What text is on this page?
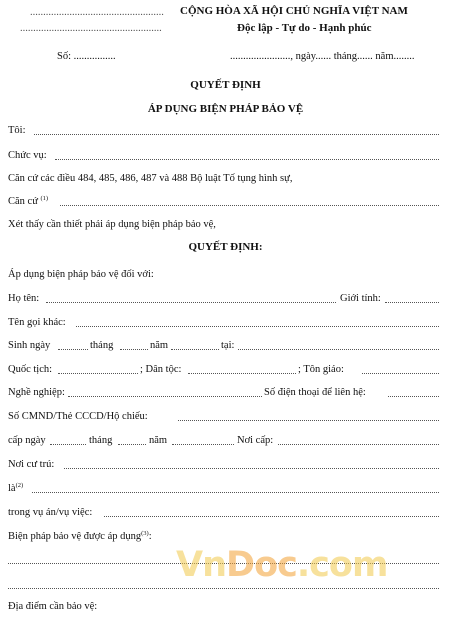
...................................................
......................................................
CỘNG HÒA XÃ HỘI CHỦ NGHĨA VIỆT NAM
Độc lập - Tự do - Hạnh phúc
Số: ................	......................., ngày...... tháng...... năm........
QUYẾT ĐỊNH
ÁP DỤNG BIỆN PHÁP BẢO VỆ
Tôi:
Chức vụ:
Căn cứ các điều 484, 485, 486, 487 và 488 Bộ luật Tố tụng hình sự,
Căn cứ $^{(1)}$
Xét thấy cần thiết phải áp dụng biện pháp bảo vệ,
QUYẾT ĐỊNH:
Áp dụng biện pháp bảo vệ đối với:
Họ tên:	Giới tính:
Tên gọi khác:
Sinh ngày	tháng	năm	tại:
Quốc tịch:	; Dân tộc:	; Tôn giáo:
Nghề nghiệp:	Số điện thoại để liên hệ:
Số CMND/Thẻ CCCD/Hộ chiếu:
cấp ngày	tháng	năm	Nơi cấp:
Nơi cư trú:
$là^{(2)}$
trong vụ án/vụ việc:
Biện pháp bảo vệ được áp dụng$^{(3)}$:
VnDoc.com
Địa điểm cần bảo vệ:
